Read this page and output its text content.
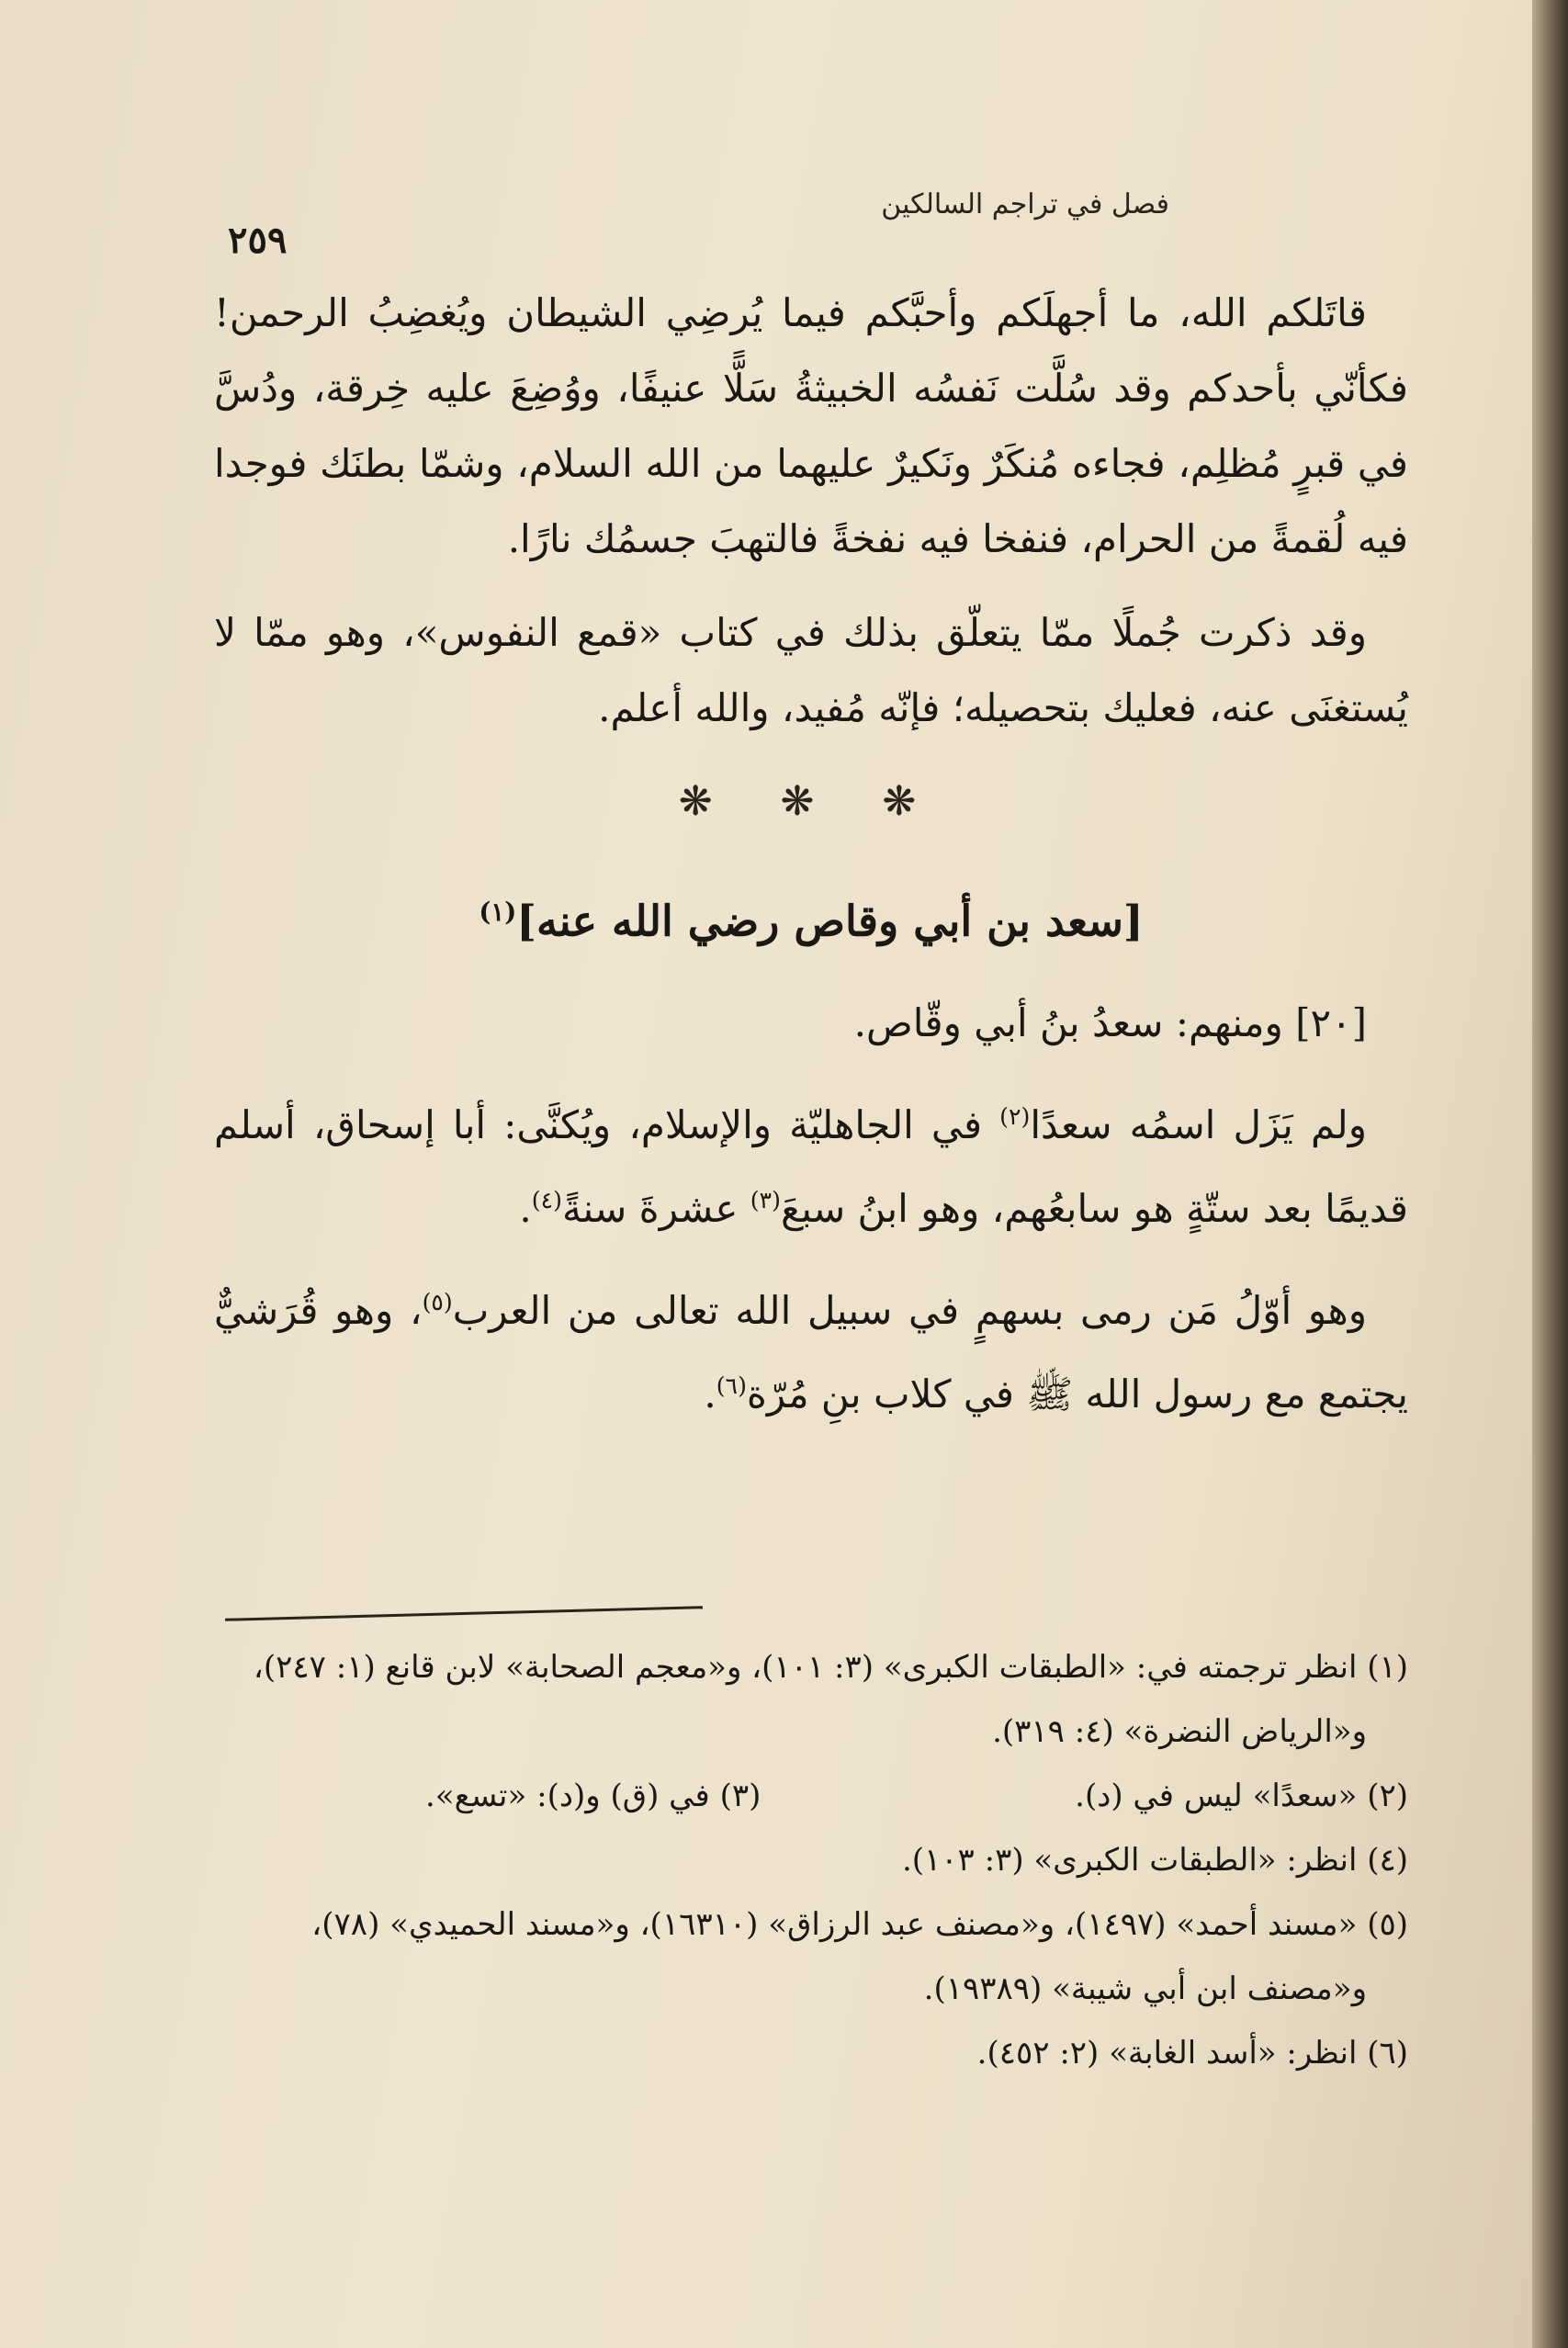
فصل في تراجم السالكين
٢٥٩

قاتَلكم الله، ما أجهلَكم وأحبَّكم فيما يُرضِي الشيطان ويُغضِبُ الرحمن! فكأنّي بأحدكم وقد سُلَّت نَفسُه الخبيثةُ سَلًّا عنيفًا، ووُضِعَ عليه خِرقة، ودُسَّ في قبرٍ مُظلِم، فجاءه مُنكَرٌ ونَكيرٌ عليهما من الله السلام، وشمّا بطنَك فوجدا فيه لُقمةً من الحرام، فنفخا فيه نفخةً فالتهبَ جسمُك نارًا.

وقد ذكرت جُملًا ممّا يتعلّق بذلك في كتاب «قمع النفوس»، وهو ممّا لا يُستغنَى عنه، فعليك بتحصيله؛ فإنّه مُفيد، والله أعلم.

❋ ❋ ❋
[سعد بن أبي وقاص رضي الله عنه]$^{(١)}$

[٢٠] ومنهم: سعدُ بنُ أبي وقّاص.

ولم يَزَل اسمُه سعدًا$^{(٢)}$ في الجاهليّة والإسلام، ويُكنَّى: أبا إسحاق، أسلم قديمًا بعد ستّةٍ هو سابعُهم، وهو ابنُ سبعَ$^{(٣)}$ عشرةَ سنةً$^{(٤)}$.

وهو أوّلُ مَن رمى بسهمٍ في سبيل الله تعالى من العرب$^{(٥)}$، وهو قُرَشيٌّ يجتمع مع رسول الله ﷺ في كلاب بنِ مُرّة$^{(٦)}$.

(١) انظر ترجمته في: «الطبقات الكبرى» (٣: ١٠١)، و«معجم الصحابة» لابن قانع (١: ٢٤٧)،

و«الرياض النضرة» (٤: ٣١٩).

(٢) «سعدًا» ليس في (د).

(٣) في (ق) و(د): «تسع».

(٤) انظر: «الطبقات الكبرى» (٣: ١٠٣).

(٥) «مسند أحمد» (١٤٩٧)، و«مصنف عبد الرزاق» (١٦٣١٠)، و«مسند الحميدي» (٧٨)،

و«مصنف ابن أبي شيبة» (١٩٣٨٩).

(٦) انظر: «أسد الغابة» (٢: ٤٥٢).
